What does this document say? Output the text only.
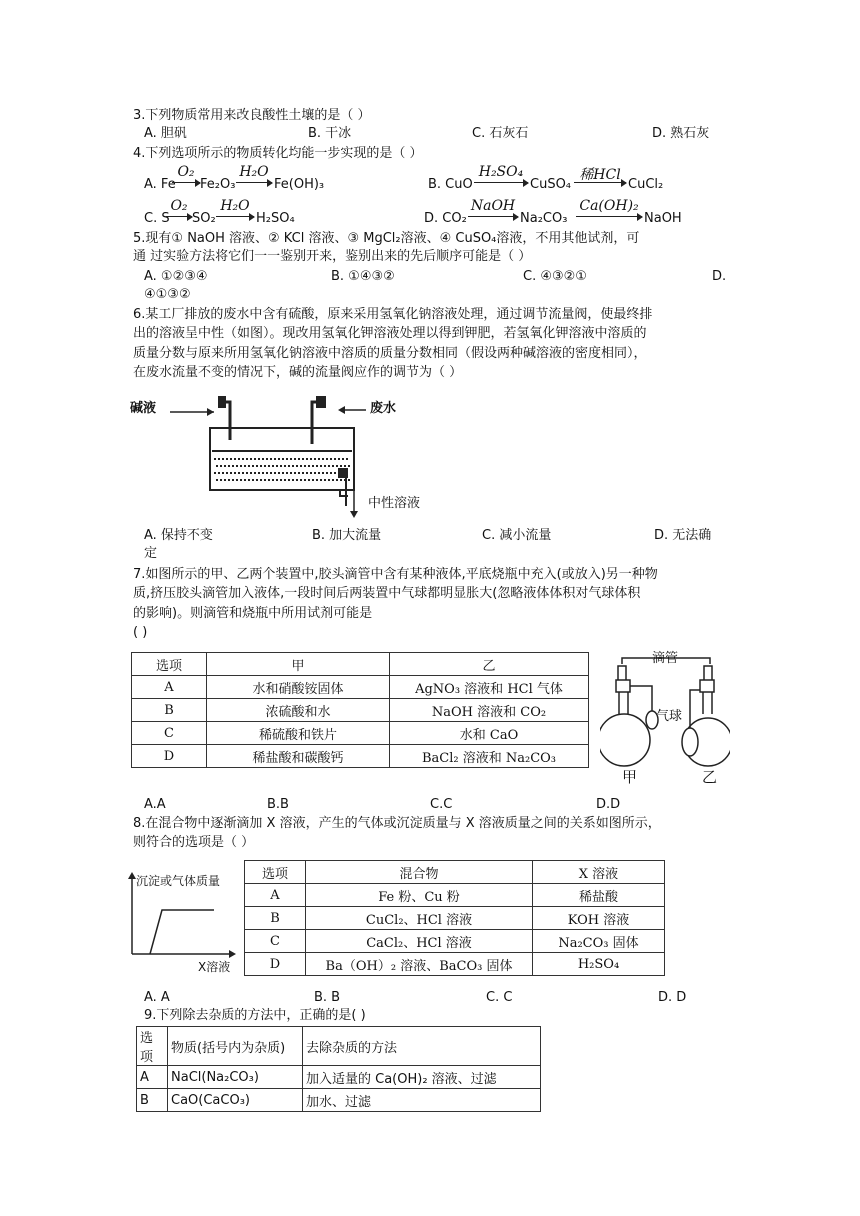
3.下列物质常用来改良酸性土壤的是（ ）
A. 胆矾	B. 干冰	C. 石灰石	D. 熟石灰
4.下列选项所示的物质转化均能一步实现的是（ ）
A. Fe
O₂
Fe₂O₃
H₂O
Fe(OH)₃	B. CuO
H₂SO₄
CuSO₄
稀HCl
CuCl₂
C. S
O₂
SO₂
H₂O
H₂SO₄	D. CO₂
NaOH
Na₂CO₃
Ca(OH)₂
NaOH
5.现有① NaOH 溶液、② KCl 溶液、③ MgCl₂溶液、④ CuSO₄溶液，不用其他试剂，可
通 过实验方法将它们一一鉴别开来，鉴别出来的先后顺序可能是（ ）
A. ①②③④	B. ①④③②	C. ④③②①	D.
④①③②
6.某工厂排放的废水中含有硫酸，原来采用氢氧化钠溶液处理，通过调节流量阀，使最终排
出的溶液呈中性（如图）。现改用氢氧化钾溶液处理以得到钾肥，若氢氧化钾溶液中溶质的
质量分数与原来所用氢氧化钠溶液中溶质的质量分数相同（假设两种碱溶液的密度相同），
在废水流量不变的情况下，碱的流量阀应作的调节为（ ）
碱液	废水
中性溶液
A. 保持不变	B. 加大流量	C. 减小流量	D. 无法确
定
7.如图所示的甲、乙两个装置中,胶头滴管中含有某种液体,平底烧瓶中充入(或放入)另一种物
质,挤压胶头滴管加入液体,一段时间后两装置中气球都明显胀大(忽略液体体积对气球体积
的影响)。则滴管和烧瓶中所用试剂可能是
( )
选项	甲	乙
A	水和硝酸铵固体	AgNO₃ 溶液和 HCl 气体
B	浓硫酸和水	NaOH 溶液和 CO₂
C	稀硫酸和铁片	水和 CaO
D	稀盐酸和碳酸钙	BaCl₂ 溶液和 Na₂CO₃
滴管
气球
甲	乙
A.A	B.B	C.C	D.D
8.在混合物中逐渐滴加 X 溶液，产生的气体或沉淀质量与 X 溶液质量之间的关系如图所示，
则符合的选项是（ ）
沉淀或气体质量
X溶液
选项	混合物	X 溶液
A	Fe 粉、Cu 粉	稀盐酸
B	CuCl₂、HCl 溶液	KOH 溶液
C	CaCl₂、HCl 溶液	Na₂CO₃ 固体
D	Ba（OH）₂ 溶液、BaCO₃ 固体	H₂SO₄
A. A	B. B	C. C	D. D
9.下列除去杂质的方法中，正确的是( )
选项	物质(括号内为杂质)	去除杂质的方法
A	NaCl(Na₂CO₃)	加入适量的 Ca(OH)₂ 溶液、过滤
B	CaO(CaCO₃)	加水、过滤
